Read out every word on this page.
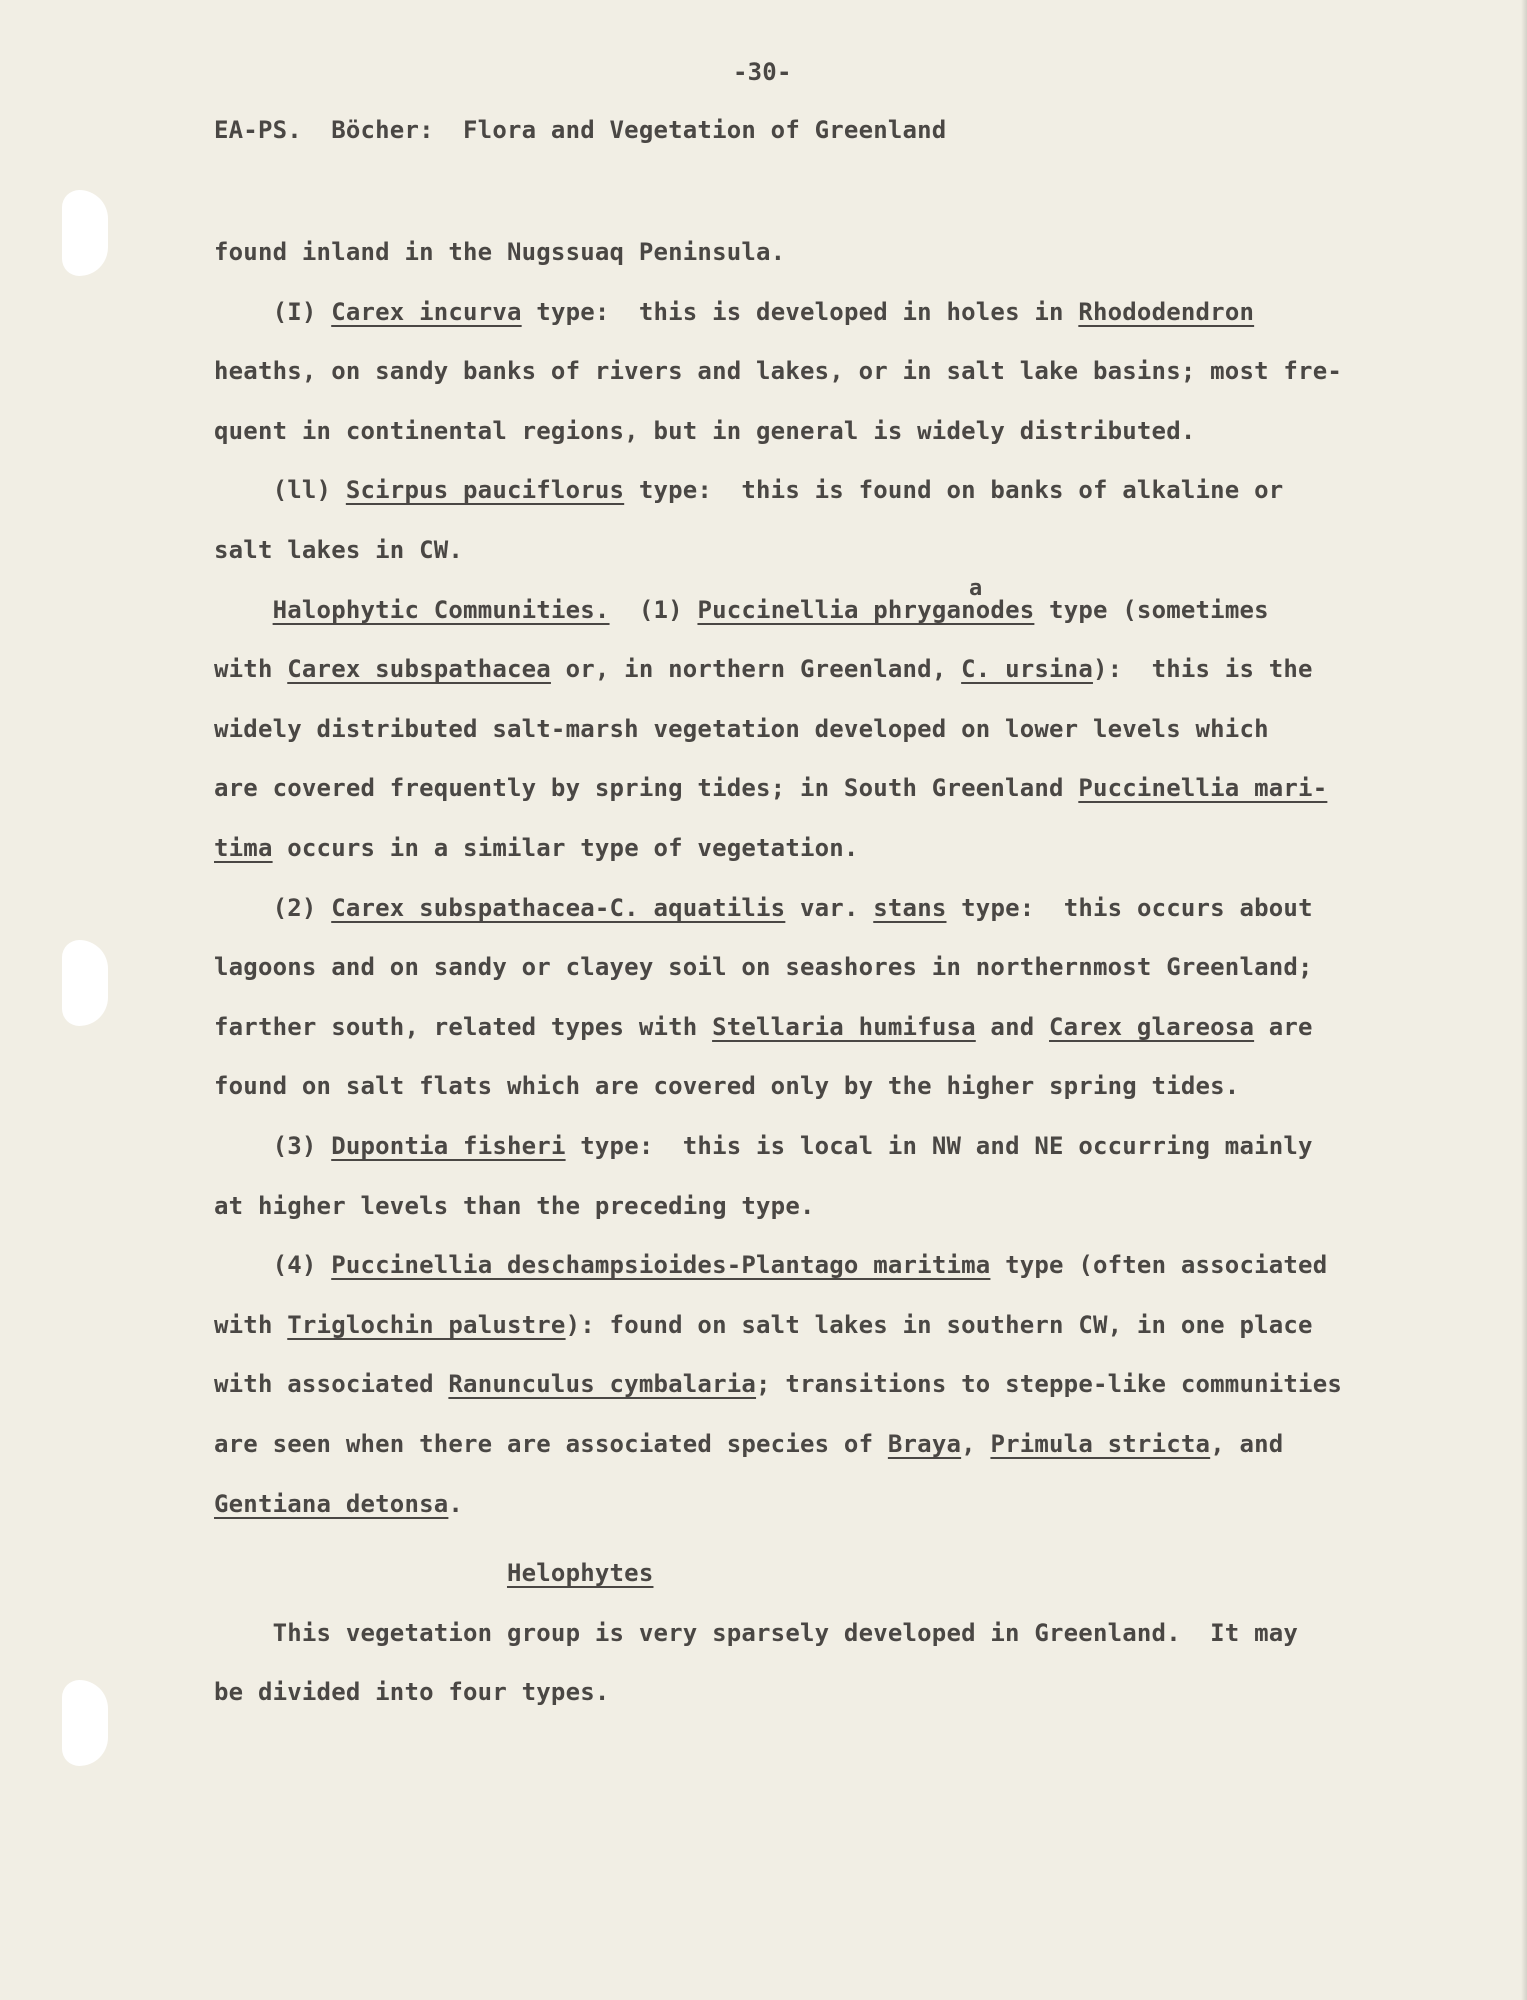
-30-
EA-PS.  Böcher:  Flora and Vegetation of Greenland
a
found inland in the Nugssuaq Peninsula.
(I) Carex incurva type:  this is developed in holes in Rhododendron
heaths, on sandy banks of rivers and lakes, or in salt lake basins; most fre-
quent in continental regions, but in general is widely distributed.
(ll) Scirpus pauciflorus type:  this is found on banks of alkaline or
salt lakes in CW.
Halophytic Communities.  (1) Puccinellia phryganodes type (sometimes
with Carex subspathacea or, in northern Greenland, C. ursina):  this is the
widely distributed salt-marsh vegetation developed on lower levels which
are covered frequently by spring tides; in South Greenland Puccinellia mari-
tima occurs in a similar type of vegetation.
(2) Carex subspathacea-C. aquatilis var. stans type:  this occurs about
lagoons and on sandy or clayey soil on seashores in northernmost Greenland;
farther south, related types with Stellaria humifusa and Carex glareosa are
found on salt flats which are covered only by the higher spring tides.
(3) Dupontia fisheri type:  this is local in NW and NE occurring mainly
at higher levels than the preceding type.
(4) Puccinellia deschampsioides-Plantago maritima type (often associated
with Triglochin palustre): found on salt lakes in southern CW, in one place
with associated Ranunculus cymbalaria; transitions to steppe-like communities
are seen when there are associated species of Braya, Primula stricta, and
Gentiana detonsa.
Helophytes
This vegetation group is very sparsely developed in Greenland.  It may
be divided into four types.
